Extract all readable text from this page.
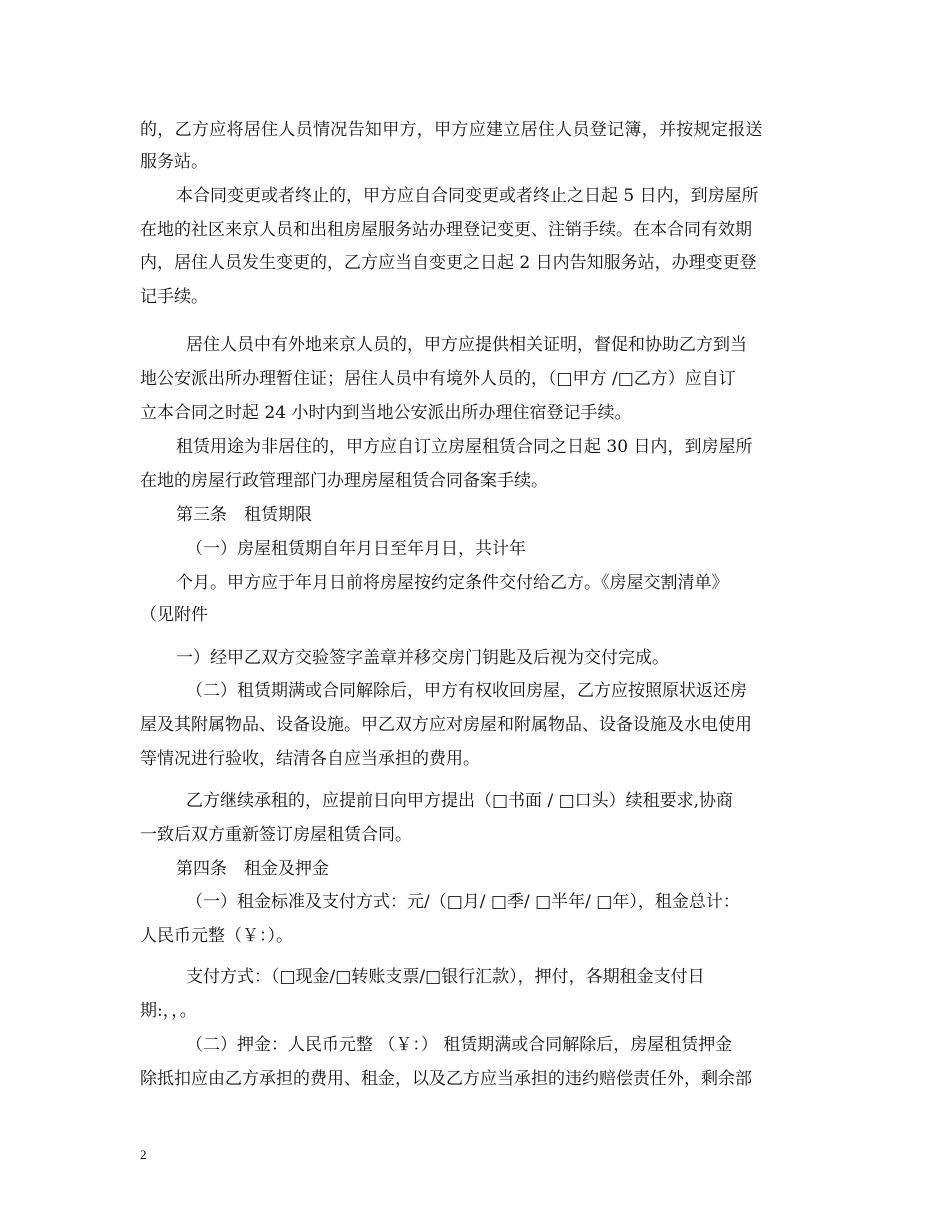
的，乙方应将居住人员情况告知甲方，甲方应建立居住人员登记簿，并按规定报送
服务站。
本合同变更或者终止的，甲方应自合同变更或者终止之日起 5 日内，到房屋所
在地的社区来京人员和出租房屋服务站办理登记变更、注销手续。在本合同有效期
内，居住人员发生变更的，乙方应当自变更之日起 2 日内告知服务站，办理变更登
记手续。
居住人员中有外地来京人员的，甲方应提供相关证明，督促和协助乙方到当
地公安派出所办理暂住证；居住人员中有境外人员的，（□甲方 /□乙方）应自订
立本合同之时起 24 小时内到当地公安派出所办理住宿登记手续。
租赁用途为非居住的，甲方应自订立房屋租赁合同之日起 30 日内，到房屋所
在地的房屋行政管理部门办理房屋租赁合同备案手续。
第三条　租赁期限
（一）房屋租赁期自年月日至年月日，共计年
个月。甲方应于年月日前将房屋按约定条件交付给乙方。《房屋交割清单》
（见附件
一）经甲乙双方交验签字盖章并移交房门钥匙及后视为交付完成。
（二）租赁期满或合同解除后，甲方有权收回房屋，乙方应按照原状返还房
屋及其附属物品、设备设施。甲乙双方应对房屋和附属物品、设备设施及水电使用
等情况进行验收，结清各自应当承担的费用。
乙方继续承租的，应提前日向甲方提出（□书面 / □口头）续租要求,协商
一致后双方重新签订房屋租赁合同。
第四条　租金及押金
（一）租金标准及支付方式：元/（□月/ □季/ □半年/ □年），租金总计：
人民币元整（￥：）。
支付方式：（□现金/□转账支票/□银行汇款），押付，各期租金支付日
期:，，。
（二）押金：人民币元整 （￥：） 租赁期满或合同解除后，房屋租赁押金
除抵扣应由乙方承担的费用、租金，以及乙方应当承担的违约赔偿责任外，剩余部
2
